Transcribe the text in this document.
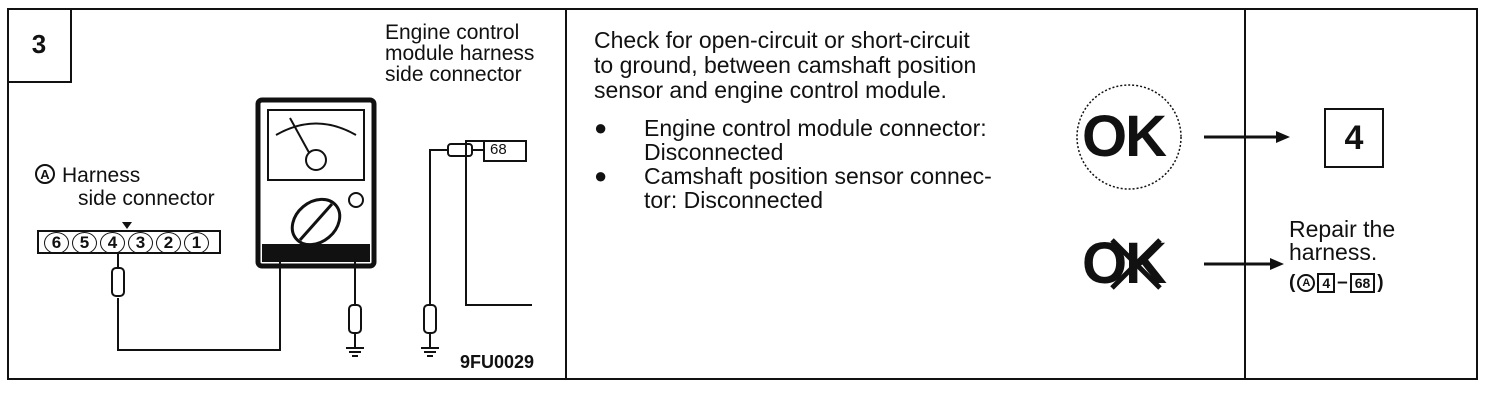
3	Engine control
module harness
side connector
A Harness
side connector
6	5	4	3	2	1
68
9FU0029
Check for open-circuit or short-circuit
to ground, between camshaft position
sensor and engine control module.
●	Engine control module connector:
Disconnected
●	Camshaft position sensor connec-
tor: Disconnected
OK
OK
4
Repair the
harness.
( A 4 – 68 )
